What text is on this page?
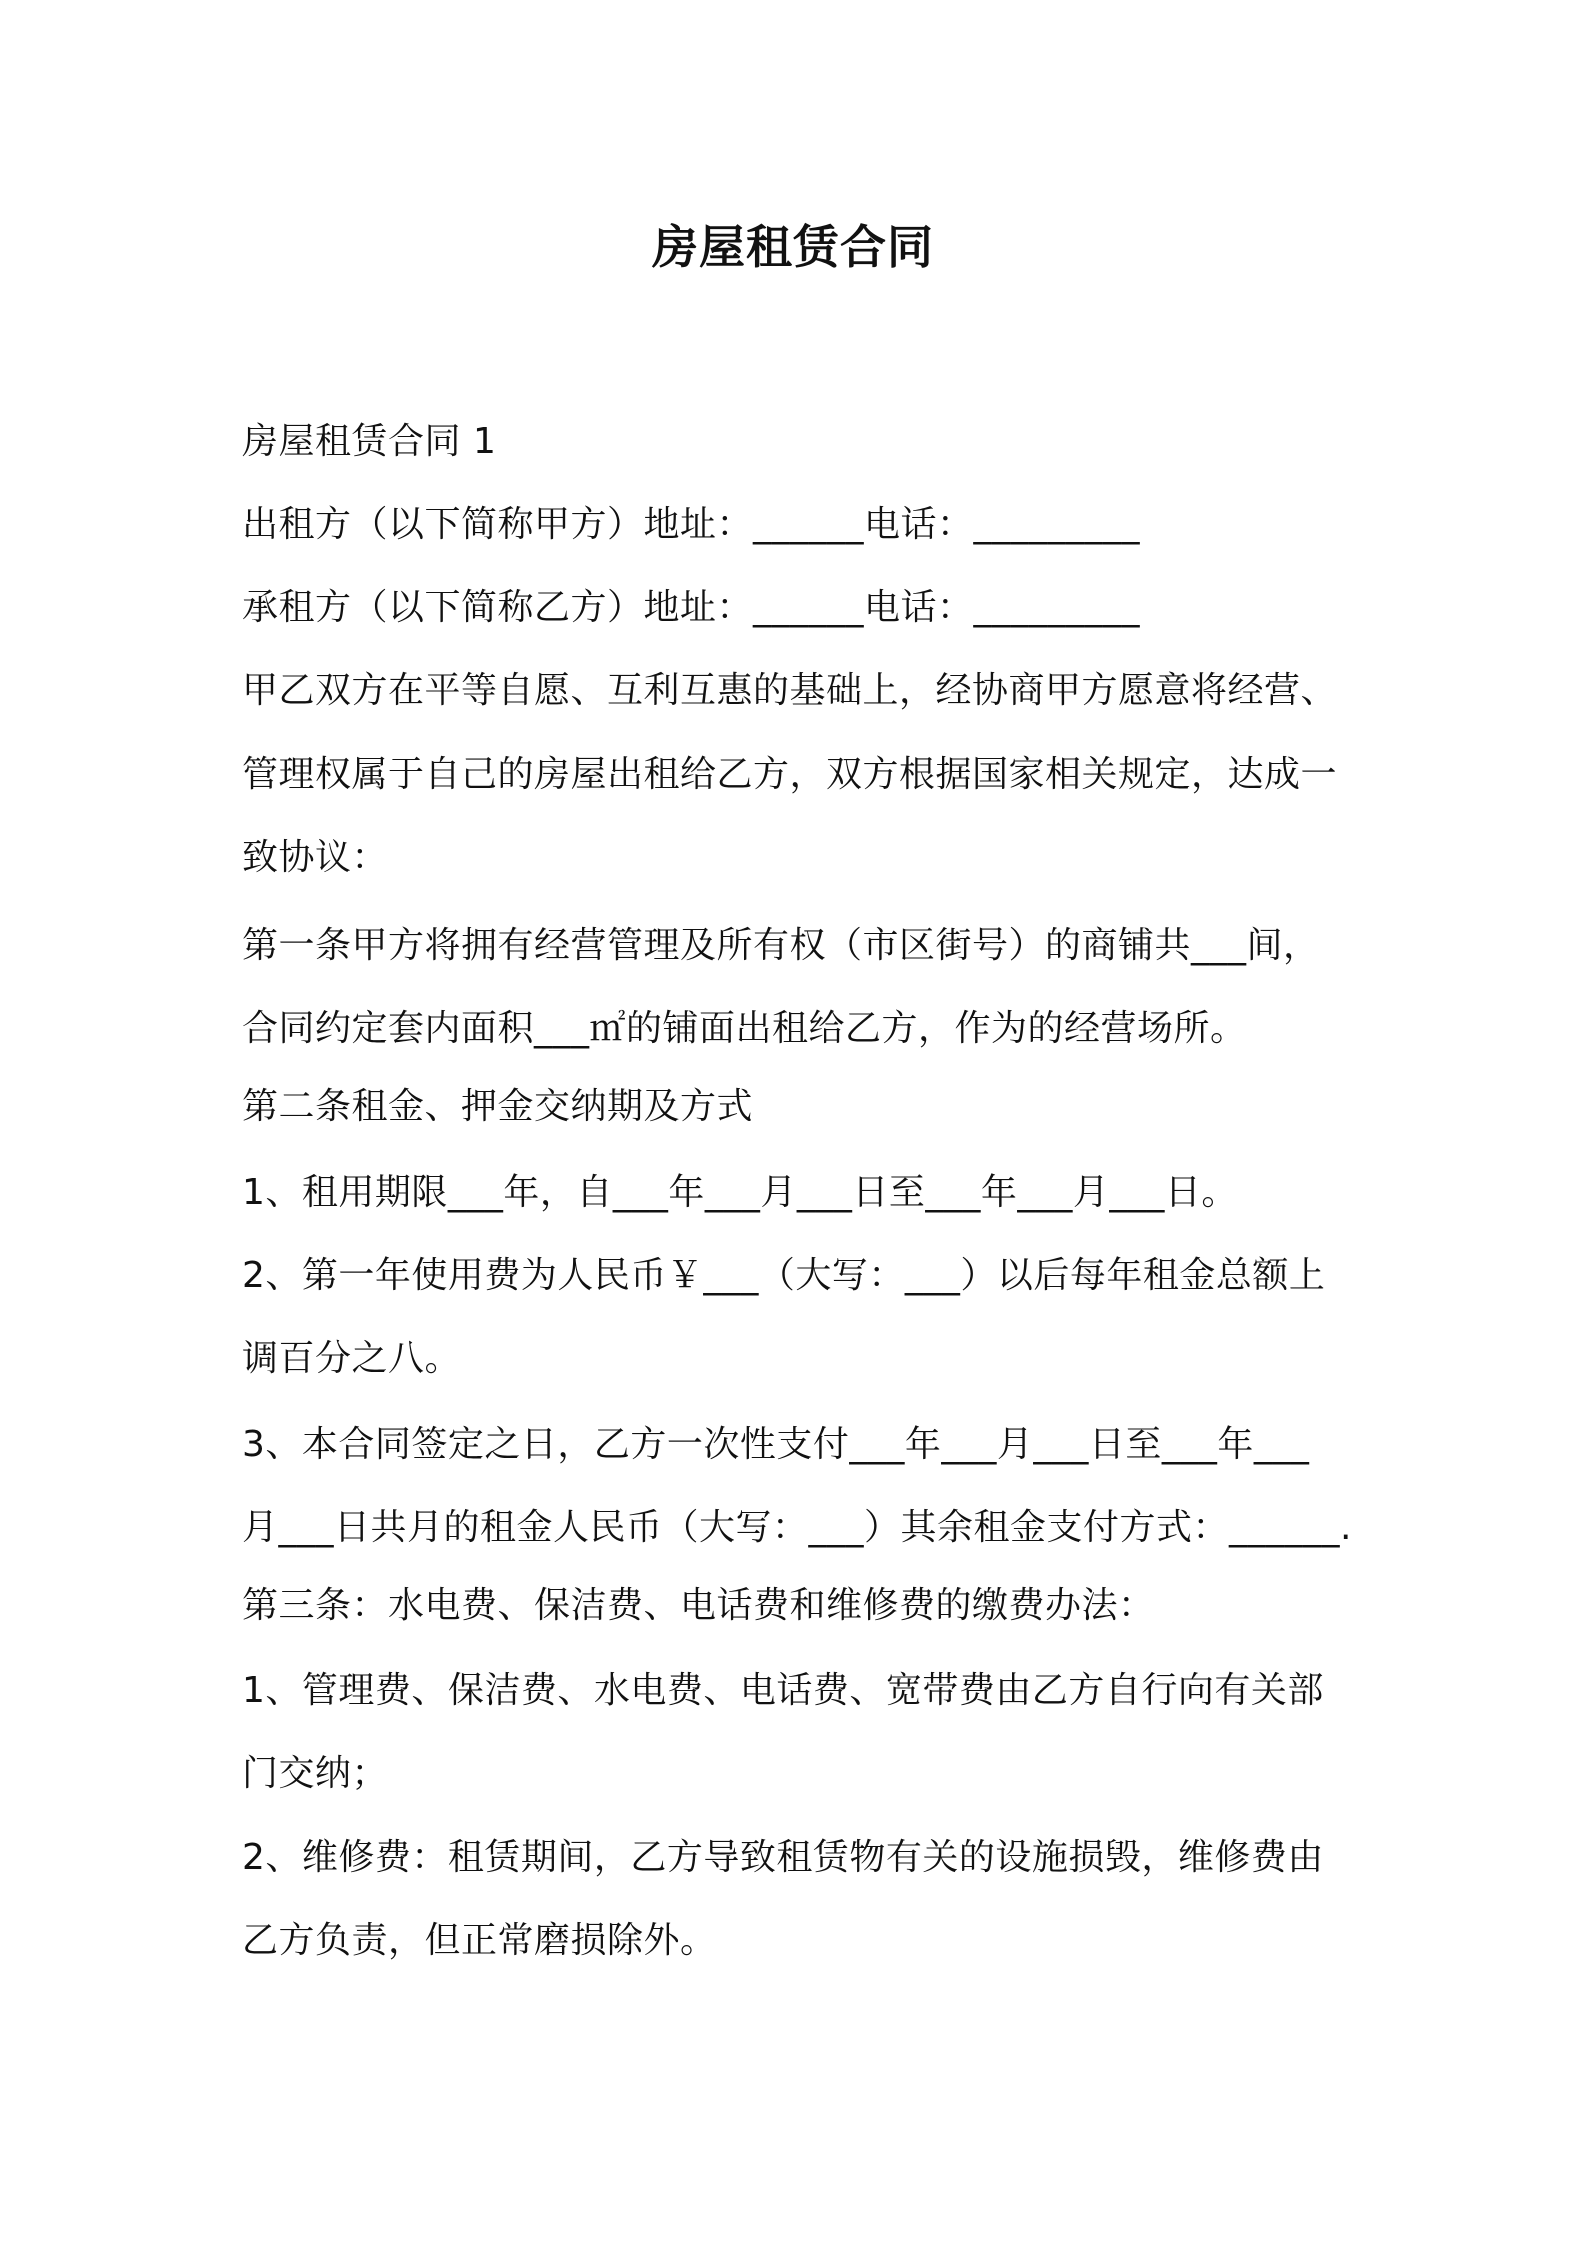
房屋租赁合同
房屋租赁合同 1
出租方（以下简称甲方）地址：______电话：_________
承租方（以下简称乙方）地址：______电话：_________
甲乙双方在平等自愿、互利互惠的基础上，经协商甲方愿意将经营、
管理权属于自己的房屋出租给乙方，双方根据国家相关规定，达成一
致协议：
第一条甲方将拥有经营管理及所有权（市区街号）的商铺共___间，
合同约定套内面积___㎡的铺面出租给乙方，作为的经营场所。
第二条租金、押金交纳期及方式
1、租用期限___年，自___年___月___日至___年___月___日。
2、第一年使用费为人民币￥___（大写：___）以后每年租金总额上
调百分之八。
3、本合同签定之日，乙方一次性支付___年___月___日至___年___
月___日共月的租金人民币（大写：___）其余租金支付方式：______.
第三条：水电费、保洁费、电话费和维修费的缴费办法：
1、管理费、保洁费、水电费、电话费、宽带费由乙方自行向有关部
门交纳；
2、维修费：租赁期间，乙方导致租赁物有关的设施损毁，维修费由
乙方负责，但正常磨损除外。
